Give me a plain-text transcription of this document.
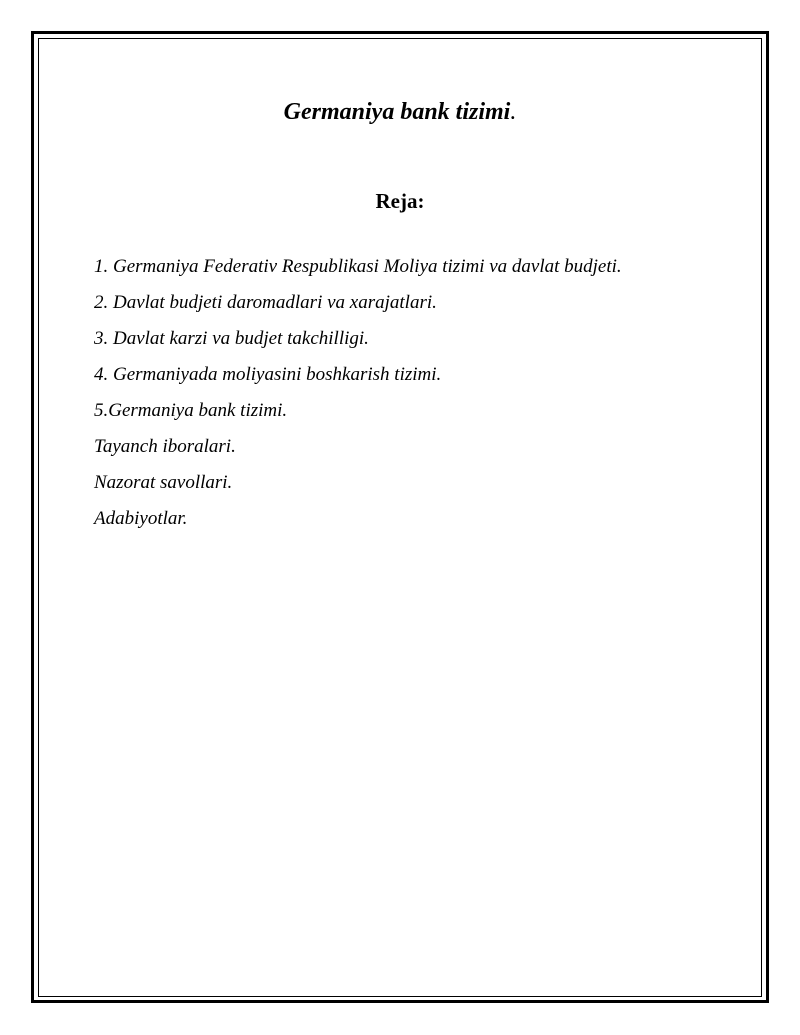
Germaniya bank tizimi.
Reja:
1. Germaniya Federativ Respublikasi Moliya tizimi va davlat budjeti.
2. Davlat budjeti daromadlari va xarajatlari.
3. Davlat karzi va budjet takchilligi.
4. Germaniyada moliyasini boshkarish tizimi.
5.Germaniya bank tizimi.
Tayanch iboralari.
Nazorat savollari.
Adabiyotlar.
